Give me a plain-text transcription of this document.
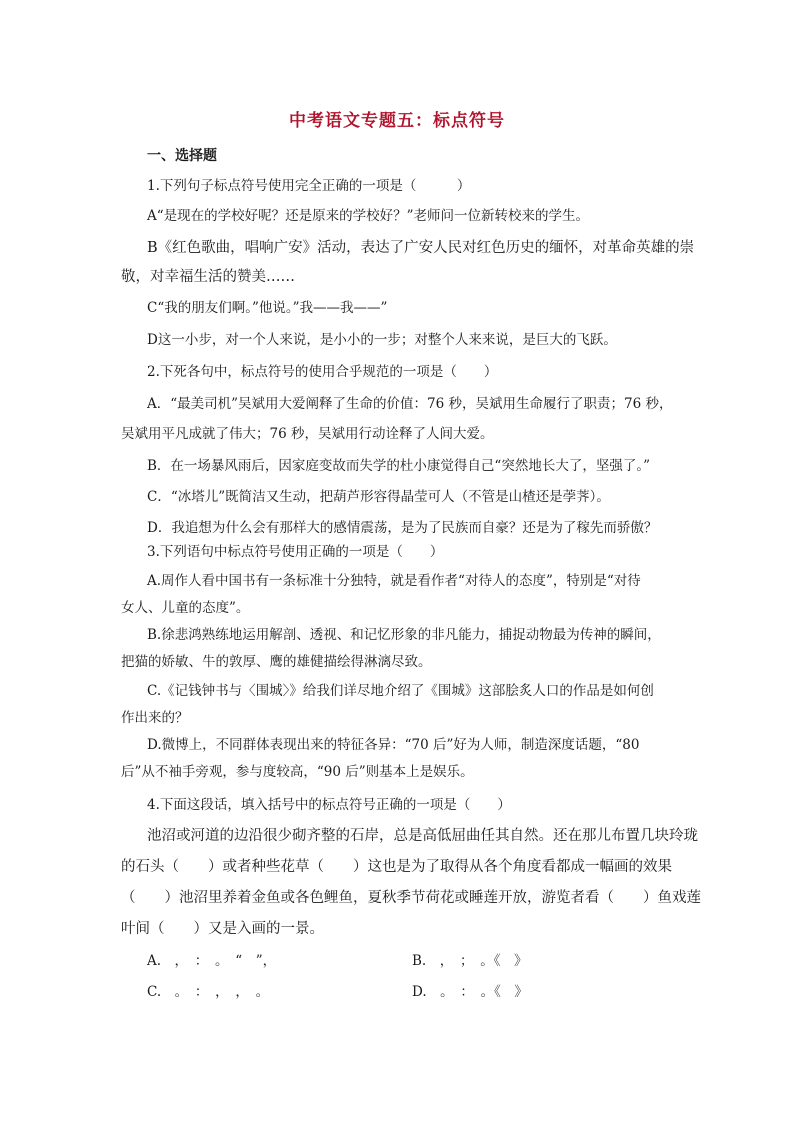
中考语文专题五：标点符号
一、选择题
1.下列句子标点符号使用完全正确的一项是（　　　）
A“是现在的学校好呢？还是原来的学校好？”老师问一位新转校来的学生。
B《红色歌曲，唱响广安》活动，表达了广安人民对红色历史的缅怀，对革命英雄的崇
敬，对幸福生活的赞美……
C“我的朋友们啊。”他说。”我——我——”
D这一小步，对一个人来说，是小小的一步；对整个人来来说，是巨大的飞跃。
2.下死各句中，标点符号的使用合乎规范的一项是（　　）
A．“最美司机”吴斌用大爱阐释了生命的价值：76 秒，吴斌用生命履行了职责；76 秒，
吴斌用平凡成就了伟大；76 秒，吴斌用行动诠释了人间大爱。
B．在一场暴风雨后，因家庭变故而失学的杜小康觉得自己“突然地长大了，坚强了。”
C．“冰塔儿”既简洁又生动，把葫芦形容得晶莹可人（不管是山楂还是荸荠）。
D．我追想为什么会有那样大的感情震荡，是为了民族而自豪？还是为了稼先而骄傲？
3.下列语句中标点符号使用正确的一项是（　　）
A.周作人看中国书有一条标准十分独特，就是看作者“对待人的态度”，特别是“对待
女人、儿童的态度”。
B.徐悲鸿熟练地运用解剖、透视、和记忆形象的非凡能力，捕捉动物最为传神的瞬间，
把猫的娇敏、牛的敦厚、鹰的雄健描绘得淋漓尽致。
C.《记钱钟书与〈围城〉》给我们详尽地介绍了《围城》这部脍炙人口的作品是如何创
作出来的？
D.微博上，不同群体表现出来的特征各异：“70 后”好为人师，制造深度话题，“80
后”从不袖手旁观，参与度较高，“90 后”则基本上是娱乐。
4.下面这段话，填入括号中的标点符号正确的一项是（　　）
池沼或河道的边沿很少砌齐整的石岸，总是高低屈曲任其自然。还在那儿布置几块玲珑
的石头（　　）或者种些花草（　　）这也是为了取得从各个角度看都成一幅画的效果
（　　）池沼里养着金鱼或各色鲤鱼，夏秋季节荷花或睡莲开放，游览者看（　　）鱼戏莲
叶间（　　）又是入画的一景。
A.　，　：　。　“　”，	B.　，　；　。《　》
C.　。　：　，　，　。	D.　。　：　。《　》
